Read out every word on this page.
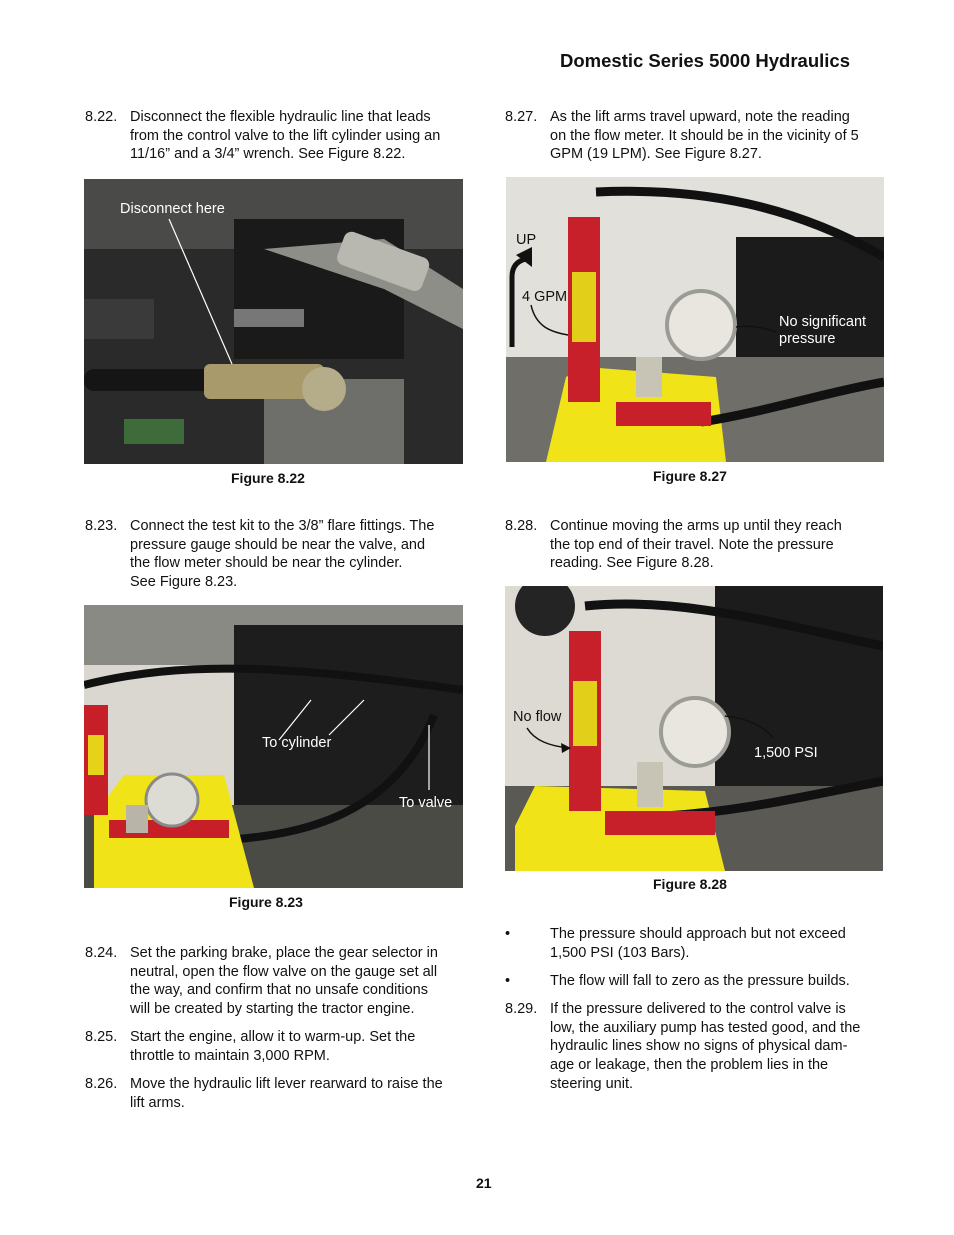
Domestic Series 5000 Hydraulics
8.22. Disconnect the flexible hydraulic line that leads
from the control valve to the lift cylinder using an
11/16” and a 3/4” wrench. See Figure 8.22.
Disconnect here
Figure 8.22
8.23. Connect the test kit to the 3/8” flare fittings. The
pressure gauge should be near the valve, and
the flow meter should be near the cylinder.
See Figure 8.23.
To cylinder
To valve
Figure 8.23
8.24. Set the parking brake, place the gear selector in
neutral, open the flow valve on the gauge set all
the way, and confirm that no unsafe conditions
will be created by starting the tractor engine.
8.25. Start the engine, allow it to warm-up. Set the
throttle to maintain 3,000 RPM.
8.26. Move the hydraulic lift lever rearward to raise the
lift arms.
8.27. As the lift arms travel upward, note the reading
on the flow meter. It should be in the vicinity of 5
GPM (19 LPM). See Figure 8.27.
UP
4 GPM
No significant
pressure
Figure 8.27
8.28. Continue moving the arms up until they reach
the top end of their travel. Note the pressure
reading. See Figure 8.28.
No flow
1,500 PSI
Figure 8.28
•	The pressure should approach but not exceed
1,500 PSI (103 Bars).
•	The flow will fall to zero as the pressure builds.
8.29. If the pressure delivered to the control valve is
low, the auxiliary pump has tested good, and the
hydraulic lines show no signs of physical dam-
age or leakage, then the problem lies in the
steering unit.
21
